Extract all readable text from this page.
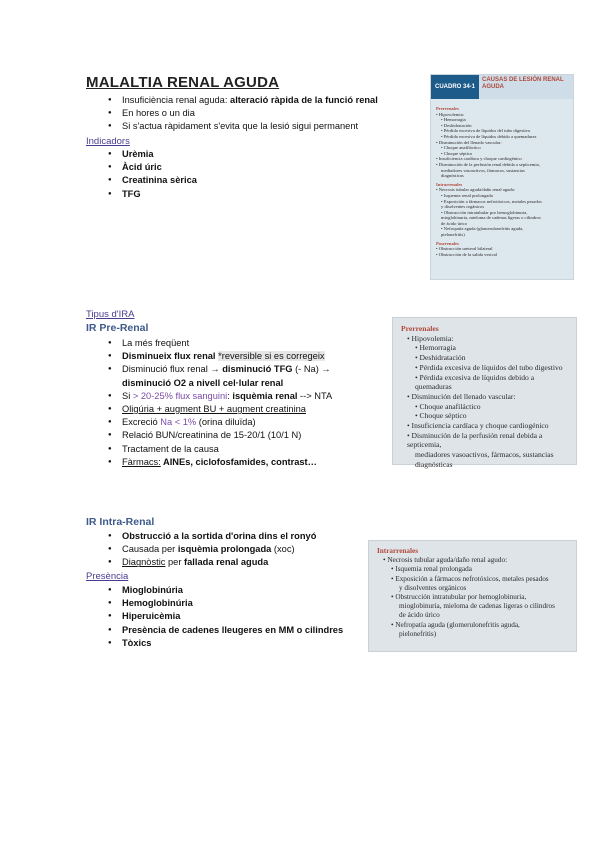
MALALTIA RENAL AGUDA
● Insuficiència renal aguda: alteració ràpida de la funció renal
● En hores o un dia
● Si s'actua ràpidament s'evita que la lesió sigui permanent
Indicadors
● Urèmia
● Àcid úric
● Creatinina sèrica
● TFG
CUADRO 34-1
CAUSAS DE LESIÓN RENAL AGUDA
Prerrenales
• Hipovolemia:
• Hemorragia
• Deshidratación
• Pérdida excesiva de líquidos del tubo digestivo
• Pérdida excesiva de líquidos debido a quemaduras
• Disminución del llenado vascular:
• Choque anafiláctico
• Choque séptico
• Insuficiencia cardíaca y choque cardiogénico
• Disminución de la perfusión renal debida a septicemia,
mediadores vasoactivos, fármacos, sustancias
diagnósticas
Intrarrenales
• Necrosis tubular aguda/daño renal agudo:
• Isquemia renal prolongada
• Exposición a fármacos nefrotóxicos, metales pesados
y disolventes orgánicos
• Obstrucción intratubular por hemoglobinuria,
mioglobinuria, mieloma de cadenas ligeras o cilindros
de ácido úrico
• Nefropatía aguda (glomerulonefritis aguda,
pielonefritis)
Posrrenales
• Obstrucción ureteral bilateral
• Obstrucción de la salida vesical
Tipus d'IRA
IR Pre-Renal
● La més freqüent
● Disminueix flux renal *reversible si es corregeix
● Disminució flux renal → disminució TFG (- Na) →
disminució O2 a nivell cel·lular renal
● Si > 20-25% flux sanguini: isquèmia renal --> NTA
● Oligúria + augment BU + augment creatinina
● Excreció Na < 1% (orina diluïda)
● Relació BUN/creatinina de 15-20/1 (10/1 N)
● Tractament de la causa
● Fàrmacs: AINEs, ciclofosfamides, contrast…
Prerrenales
• Hipovolemia:
• Hemorragia
• Deshidratación
• Pérdida excesiva de líquidos del tubo digestivo
• Pérdida excesiva de líquidos debido a quemaduras
• Disminución del llenado vascular:
• Choque anafiláctico
• Choque séptico
• Insuficiencia cardíaca y choque cardiogénico
• Disminución de la perfusión renal debida a septicemia,
mediadores vasoactivos, fármacos, sustancias
diagnósticas
IR Intra-Renal
● Obstrucció a la sortida d'orina dins el ronyó
● Causada per isquèmia prolongada (xoc)
● Diagnòstic per fallada renal aguda
Presència
● Mioglobinúria
● Hemoglobinúria
● Hiperuicèmia
● Presència de cadenes lleugeres en MM o cilindres
● Tòxics
Intrarrenales
• Necrosis tubular aguda/daño renal agudo:
• Isquemia renal prolongada
• Exposición a fármacos nefrotóxicos, metales pesados
y disolventes orgánicos
• Obstrucción intratubular por hemoglobinuria,
mioglobinuria, mieloma de cadenas ligeras o cilindros
de ácido úrico
• Nefropatía aguda (glomerulonefritis aguda,
pielonefritis)
